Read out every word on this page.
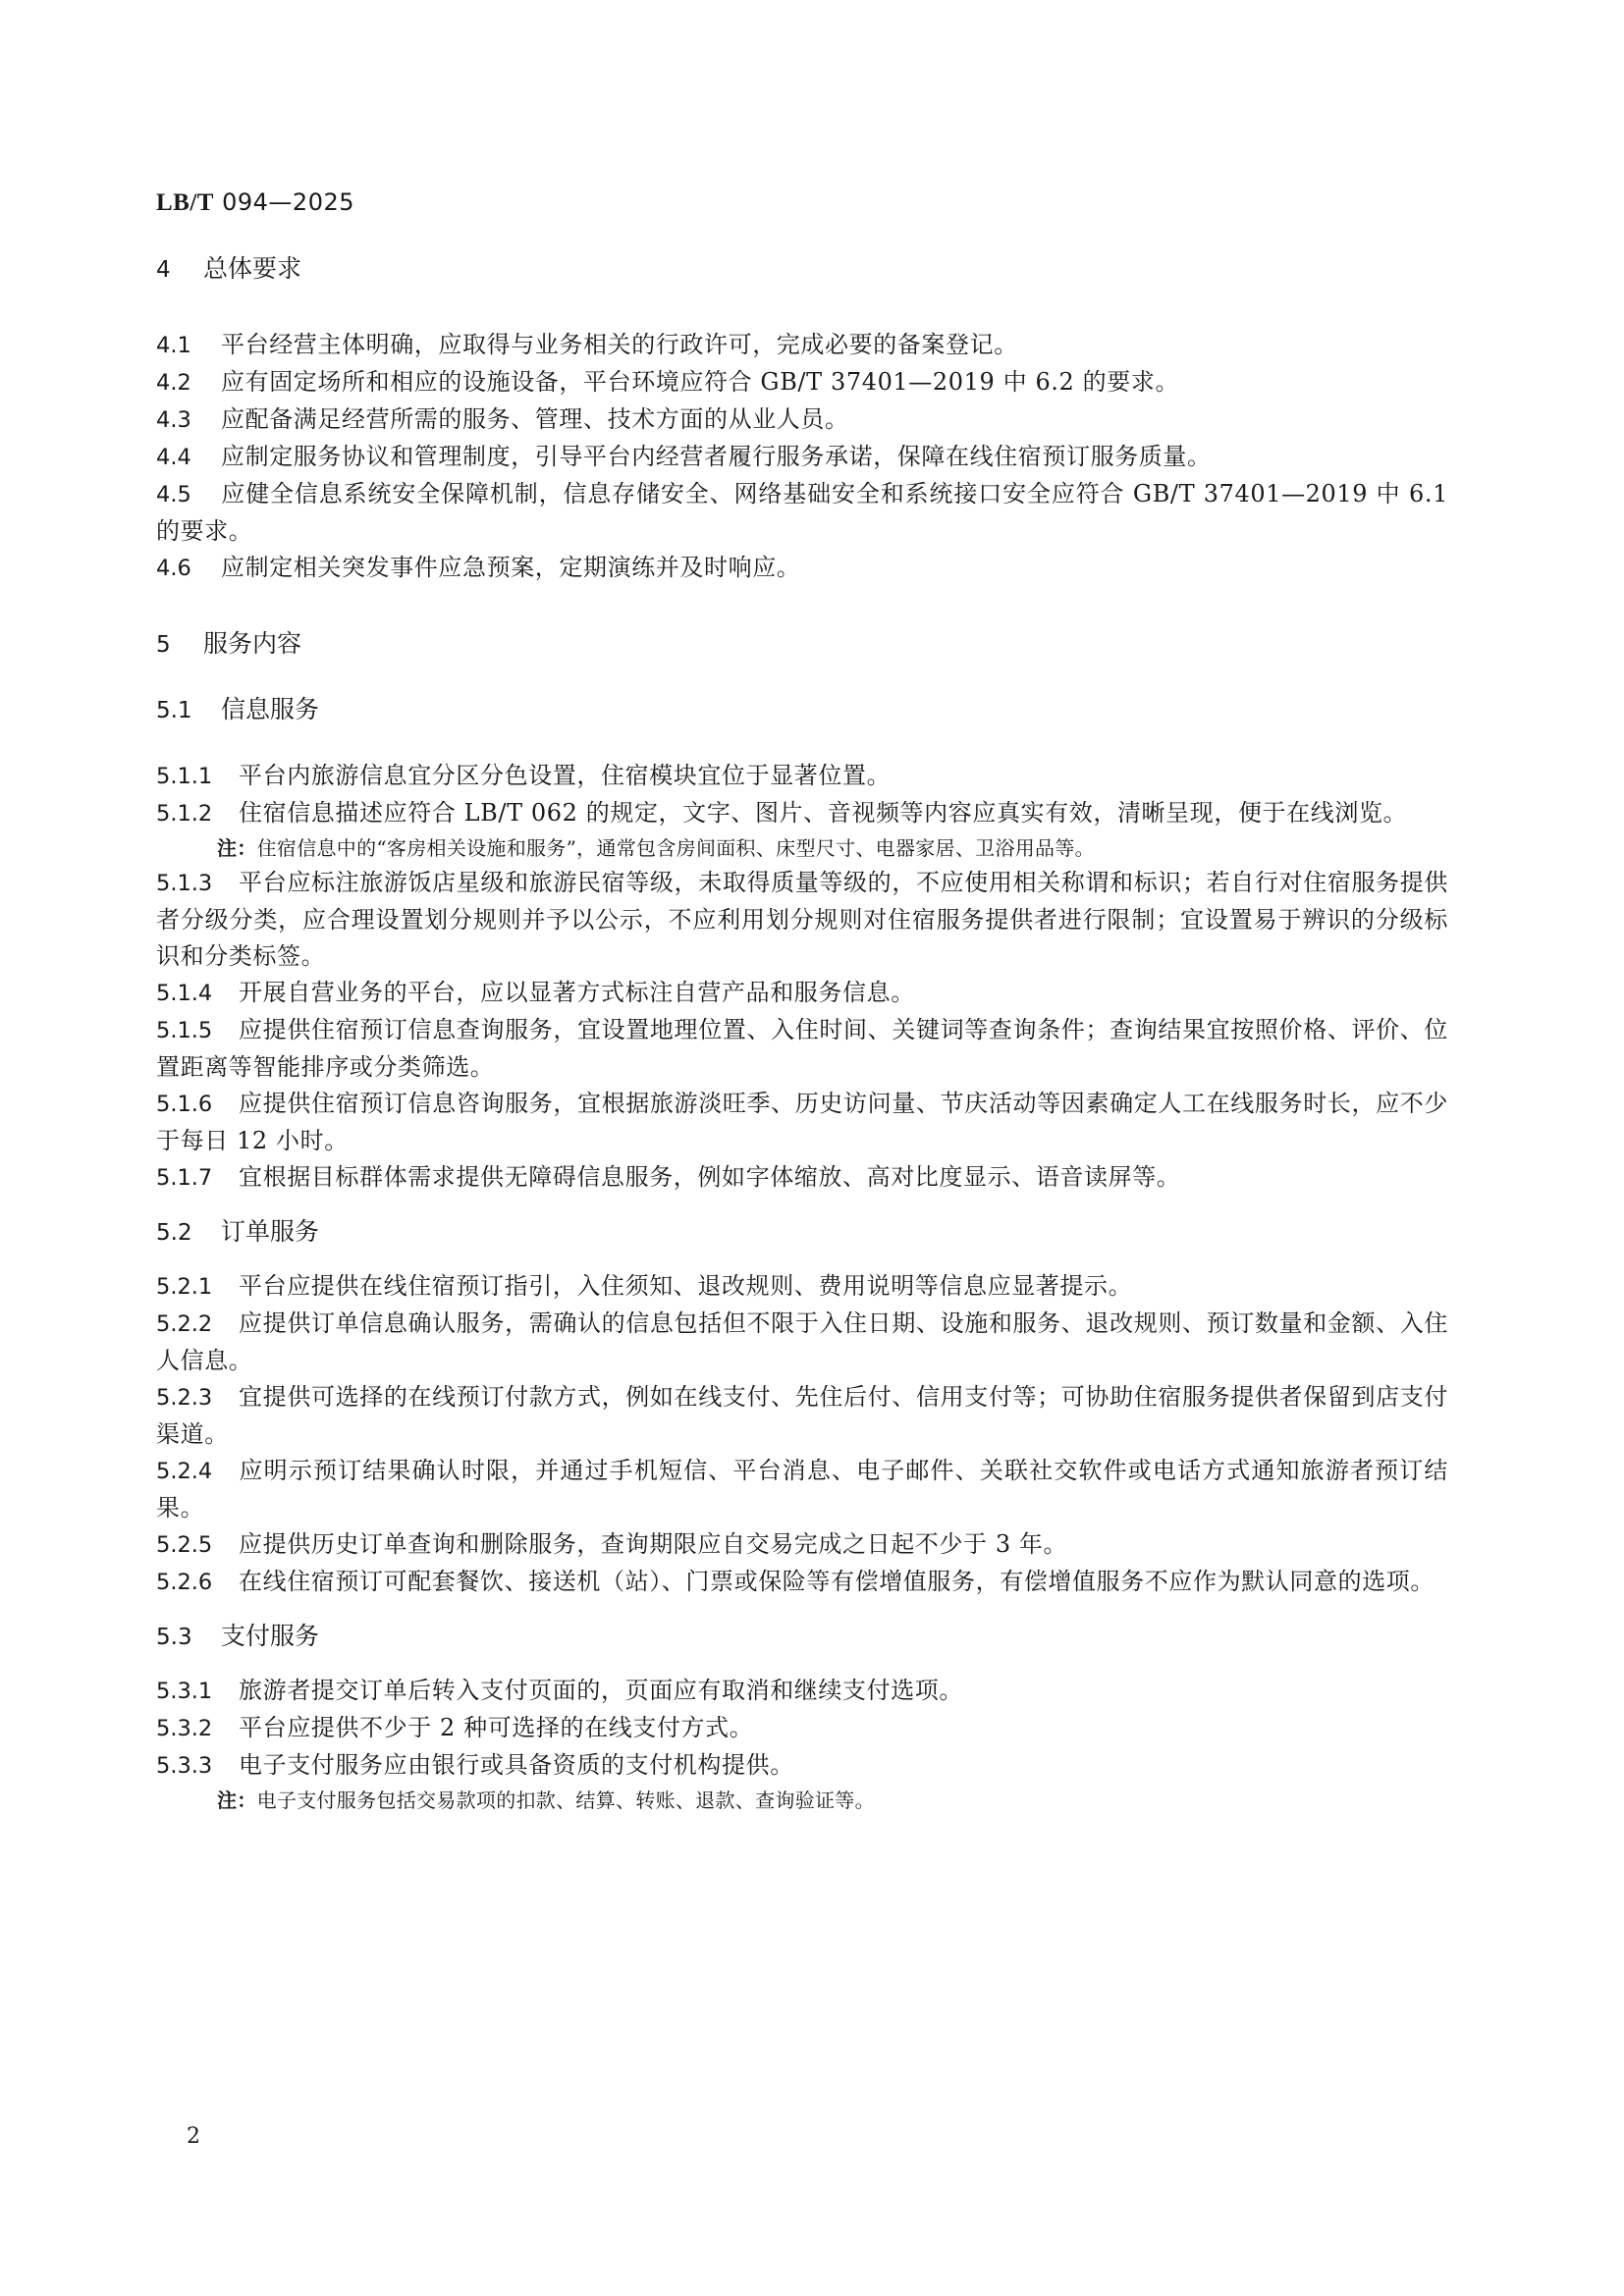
LB/T 094—2025

4 总体要求

4.1 平台经营主体明确，应取得与业务相关的行政许可，完成必要的备案登记。

4.2 应有固定场所和相应的设施设备，平台环境应符合 GB/T 37401—2019 中 6.2 的要求。

4.3 应配备满足经营所需的服务、管理、技术方面的从业人员。

4.4 应制定服务协议和管理制度，引导平台内经营者履行服务承诺，保障在线住宿预订服务质量。

4.5 应健全信息系统安全保障机制，信息存储安全、网络基础安全和系统接口安全应符合 GB/T 37401—2019 中 6.1 的要求。

4.6 应制定相关突发事件应急预案，定期演练并及时响应。

5 服务内容

5.1 信息服务

5.1.1 平台内旅游信息宜分区分色设置，住宿模块宜位于显著位置。

5.1.2 住宿信息描述应符合 LB/T 062 的规定，文字、图片、音视频等内容应真实有效，清晰呈现，便于在线浏览。

注：住宿信息中的“客房相关设施和服务”，通常包含房间面积、床型尺寸、电器家居、卫浴用品等。

5.1.3 平台应标注旅游饭店星级和旅游民宿等级，未取得质量等级的，不应使用相关称谓和标识；若自行对住宿服务提供者分级分类，应合理设置划分规则并予以公示，不应利用划分规则对住宿服务提供者进行限制；宜设置易于辨识的分级标识和分类标签。

5.1.4 开展自营业务的平台，应以显著方式标注自营产品和服务信息。

5.1.5 应提供住宿预订信息查询服务，宜设置地理位置、入住时间、关键词等查询条件；查询结果宜按照价格、评价、位置距离等智能排序或分类筛选。

5.1.6 应提供住宿预订信息咨询服务，宜根据旅游淡旺季、历史访问量、节庆活动等因素确定人工在线服务时长，应不少于每日 12 小时。

5.1.7 宜根据目标群体需求提供无障碍信息服务，例如字体缩放、高对比度显示、语音读屏等。

5.2 订单服务

5.2.1 平台应提供在线住宿预订指引，入住须知、退改规则、费用说明等信息应显著提示。

5.2.2 应提供订单信息确认服务，需确认的信息包括但不限于入住日期、设施和服务、退改规则、预订数量和金额、入住人信息。

5.2.3 宜提供可选择的在线预订付款方式，例如在线支付、先住后付、信用支付等；可协助住宿服务提供者保留到店支付渠道。

5.2.4 应明示预订结果确认时限，并通过手机短信、平台消息、电子邮件、关联社交软件或电话方式通知旅游者预订结果。

5.2.5 应提供历史订单查询和删除服务，查询期限应自交易完成之日起不少于 3 年。

5.2.6 在线住宿预订可配套餐饮、接送机（站）、门票或保险等有偿增值服务，有偿增值服务不应作为默认同意的选项。

5.3 支付服务

5.3.1 旅游者提交订单后转入支付页面的，页面应有取消和继续支付选项。

5.3.2 平台应提供不少于 2 种可选择的在线支付方式。

5.3.3 电子支付服务应由银行或具备资质的支付机构提供。

注：电子支付服务包括交易款项的扣款、结算、转账、退款、查询验证等。

2
